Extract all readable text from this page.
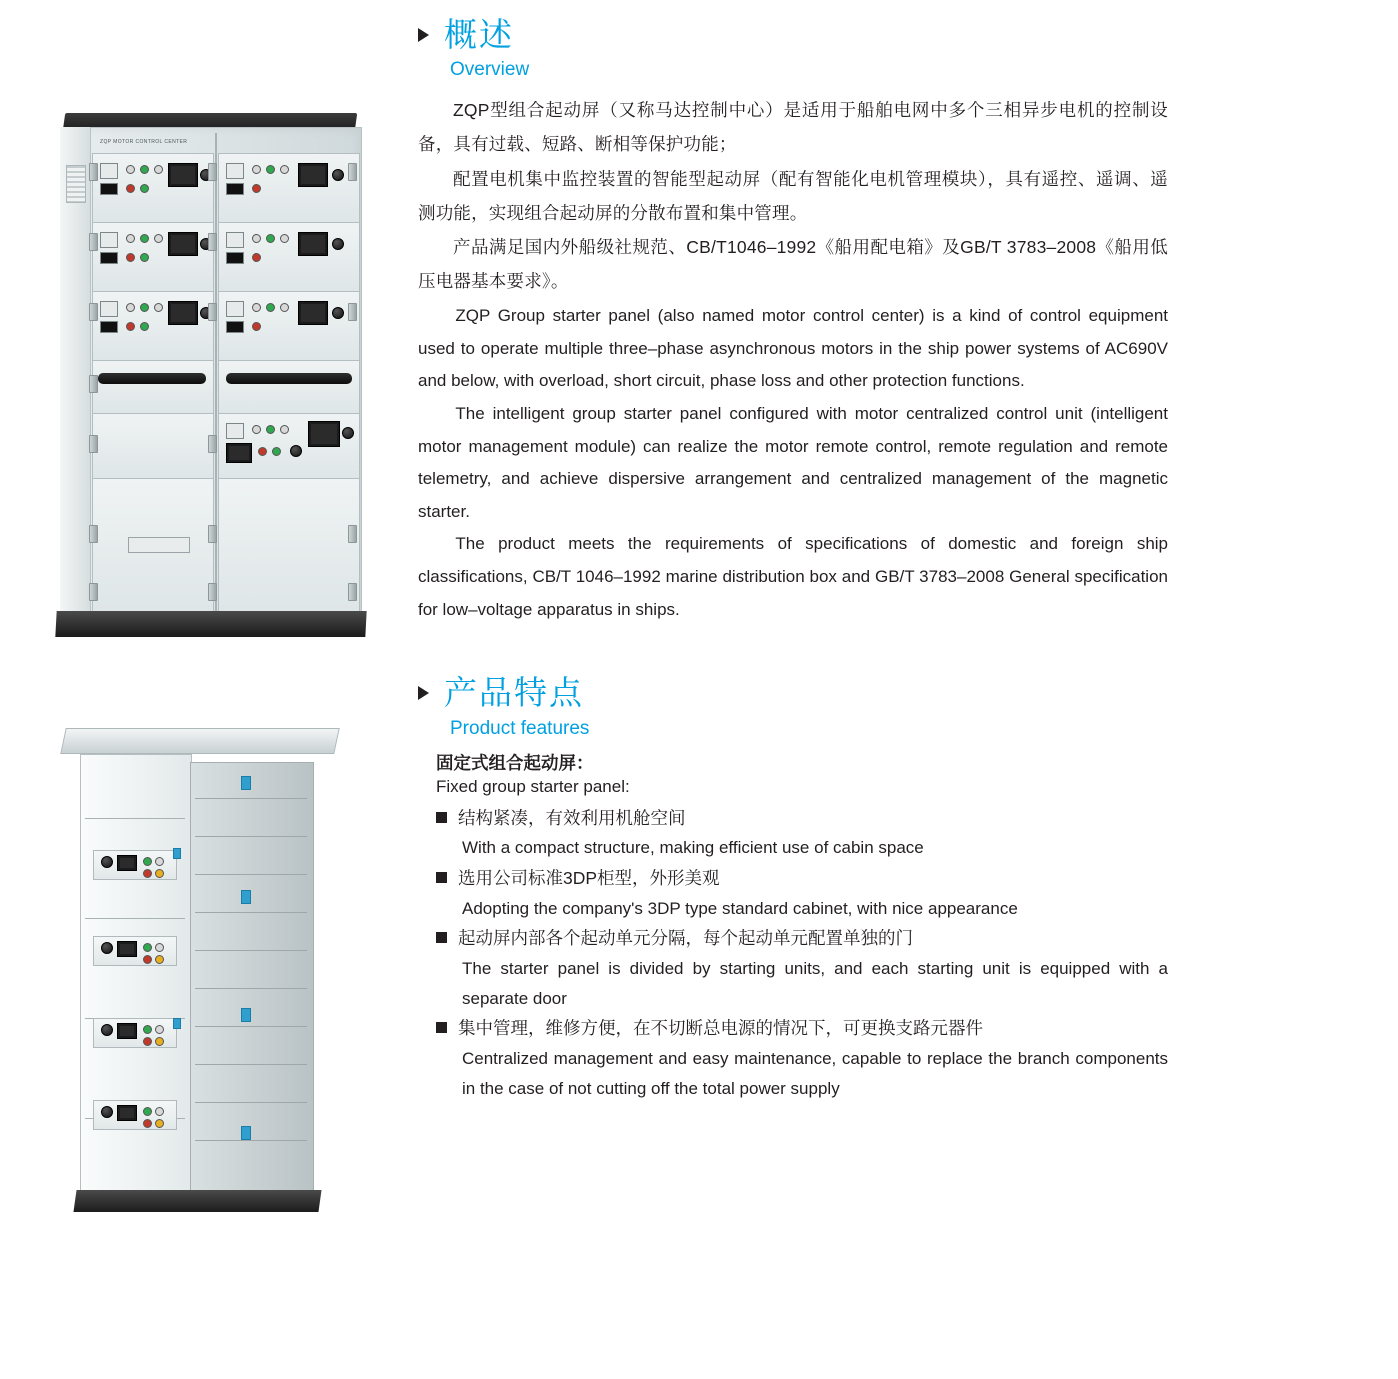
ZQP MOTOR CONTROL CENTER
概述
Overview

ZQP型组合起动屏（又称马达控制中心）是适用于船舶电网中多个三相异步电机的控制设备，具有过载、短路、断相等保护功能；

配置电机集中监控装置的智能型起动屏（配有智能化电机管理模块），具有遥控、遥调、遥测功能，实现组合起动屏的分散布置和集中管理。

产品满足国内外船级社规范、CB/T1046–1992《船用配电箱》及GB/T 3783–2008《船用低压电器基本要求》。

ZQP Group starter panel (also named motor control center) is a kind of control equipment used to operate multiple three–phase asynchronous motors in the ship power systems of AC690V and below, with overload, short circuit, phase loss and other protection functions.

The intelligent group starter panel configured with motor centralized control unit (intelligent motor management module) can realize the motor remote control, remote regulation and remote telemetry, and achieve dispersive arrangement and centralized management of the magnetic starter.

The product meets the requirements of specifications of domestic and foreign ship classifications, CB/T 1046–1992 marine distribution box and GB/T 3783–2008 General specification for low–voltage apparatus in ships.

产品特点
Product features
固定式组合起动屏：
Fixed group starter panel:
结构紧凑，有效利用机舱空间
With a compact structure, making efficient use of cabin space
选用公司标准3DP柜型，外形美观
Adopting the company's 3DP type standard cabinet, with nice appearance
起动屏内部各个起动单元分隔，每个起动单元配置单独的门
The starter panel is divided by starting units, and each starting unit is equipped with a separate door
集中管理，维修方便，在不切断总电源的情况下，可更换支路元器件
Centralized management and easy maintenance, capable to replace the branch components in the case of not cutting off the total power supply
